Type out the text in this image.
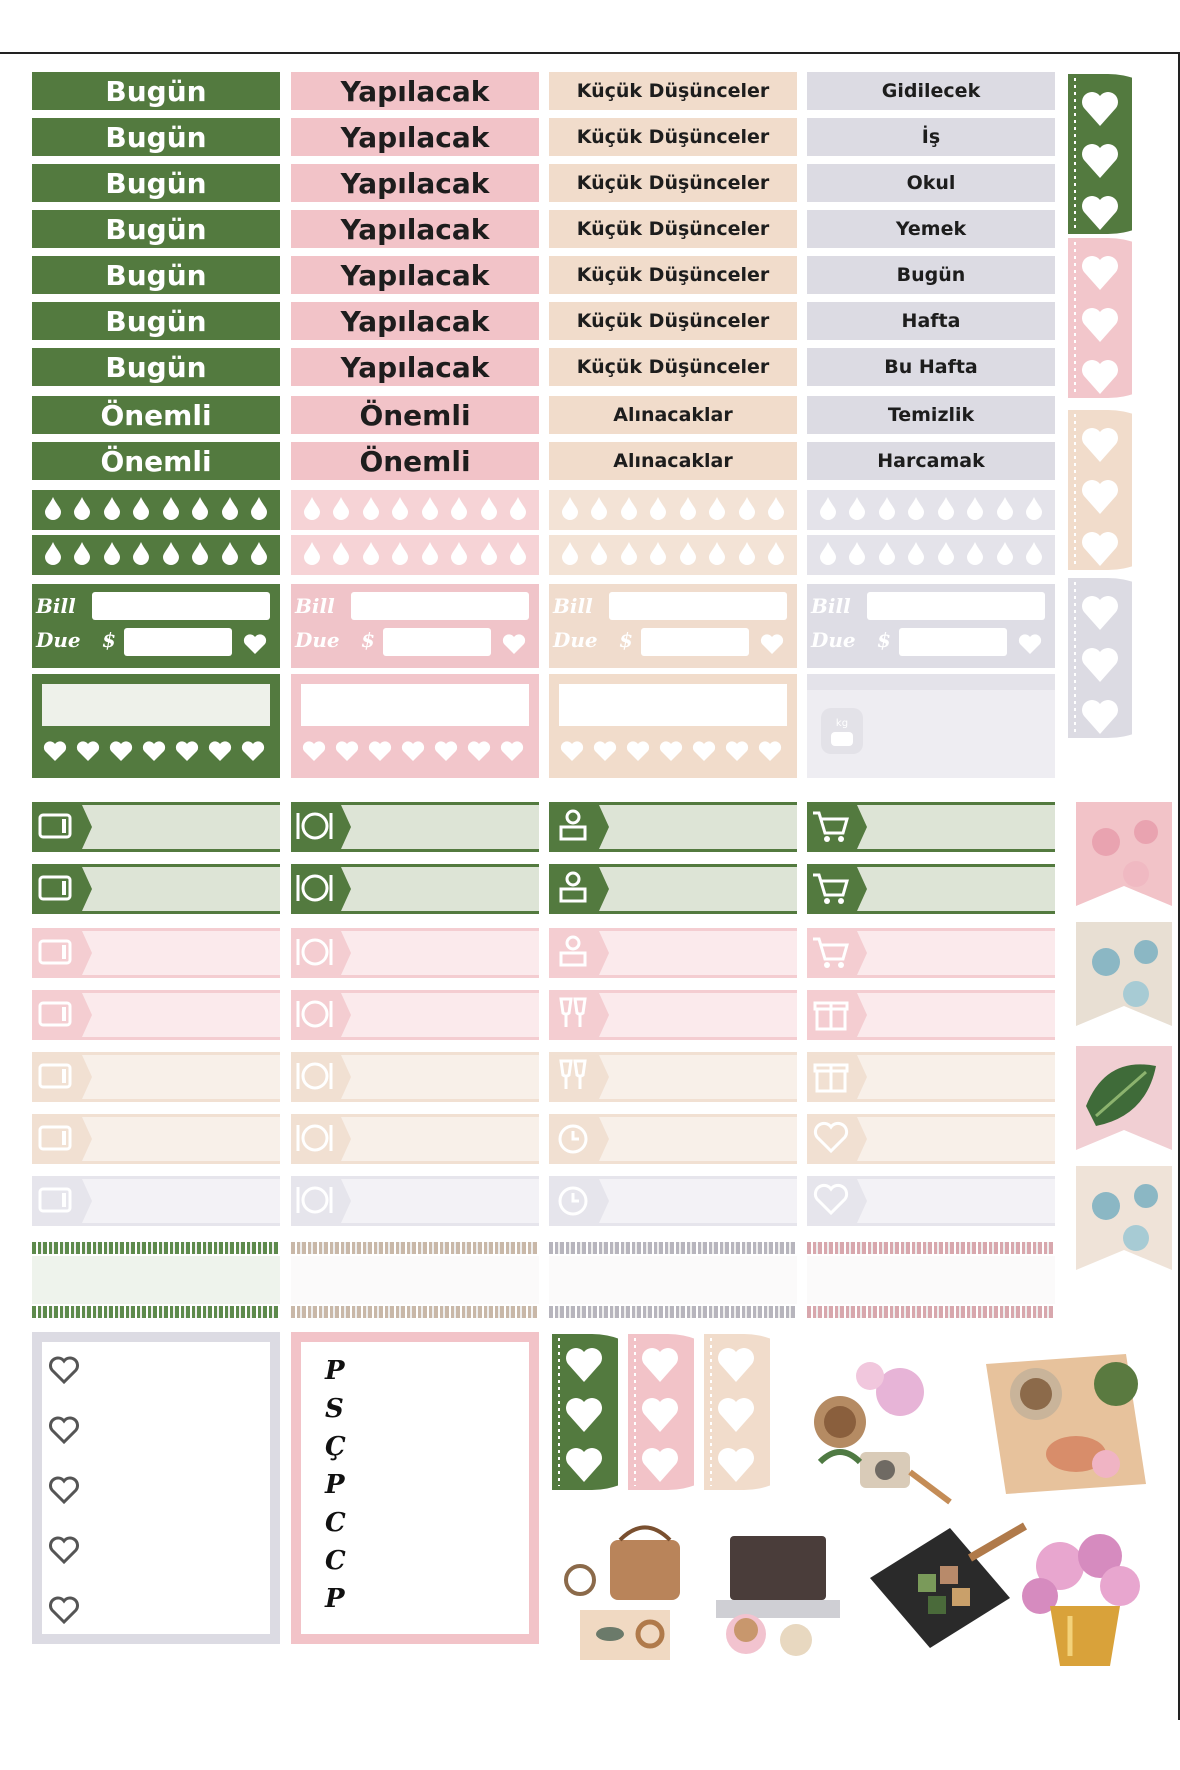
Bugün
Bugün
Bugün
Bugün
Bugün
Bugün
Bugün
Önemli
Önemli
Yapılacak
Yapılacak
Yapılacak
Yapılacak
Yapılacak
Yapılacak
Yapılacak
Önemli
Önemli
Küçük Düşünceler
Küçük Düşünceler
Küçük Düşünceler
Küçük Düşünceler
Küçük Düşünceler
Küçük Düşünceler
Küçük Düşünceler
Alınacaklar
Alınacaklar
Gidilecek
İş
Okul
Yemek
Bugün
Hafta
Bu Hafta
Temizlik
Harcamak
Bill
Due $
Bill
Due $
Bill
Due $
Bill
Due $
kg
P
S
Ç
P
C
C
P
